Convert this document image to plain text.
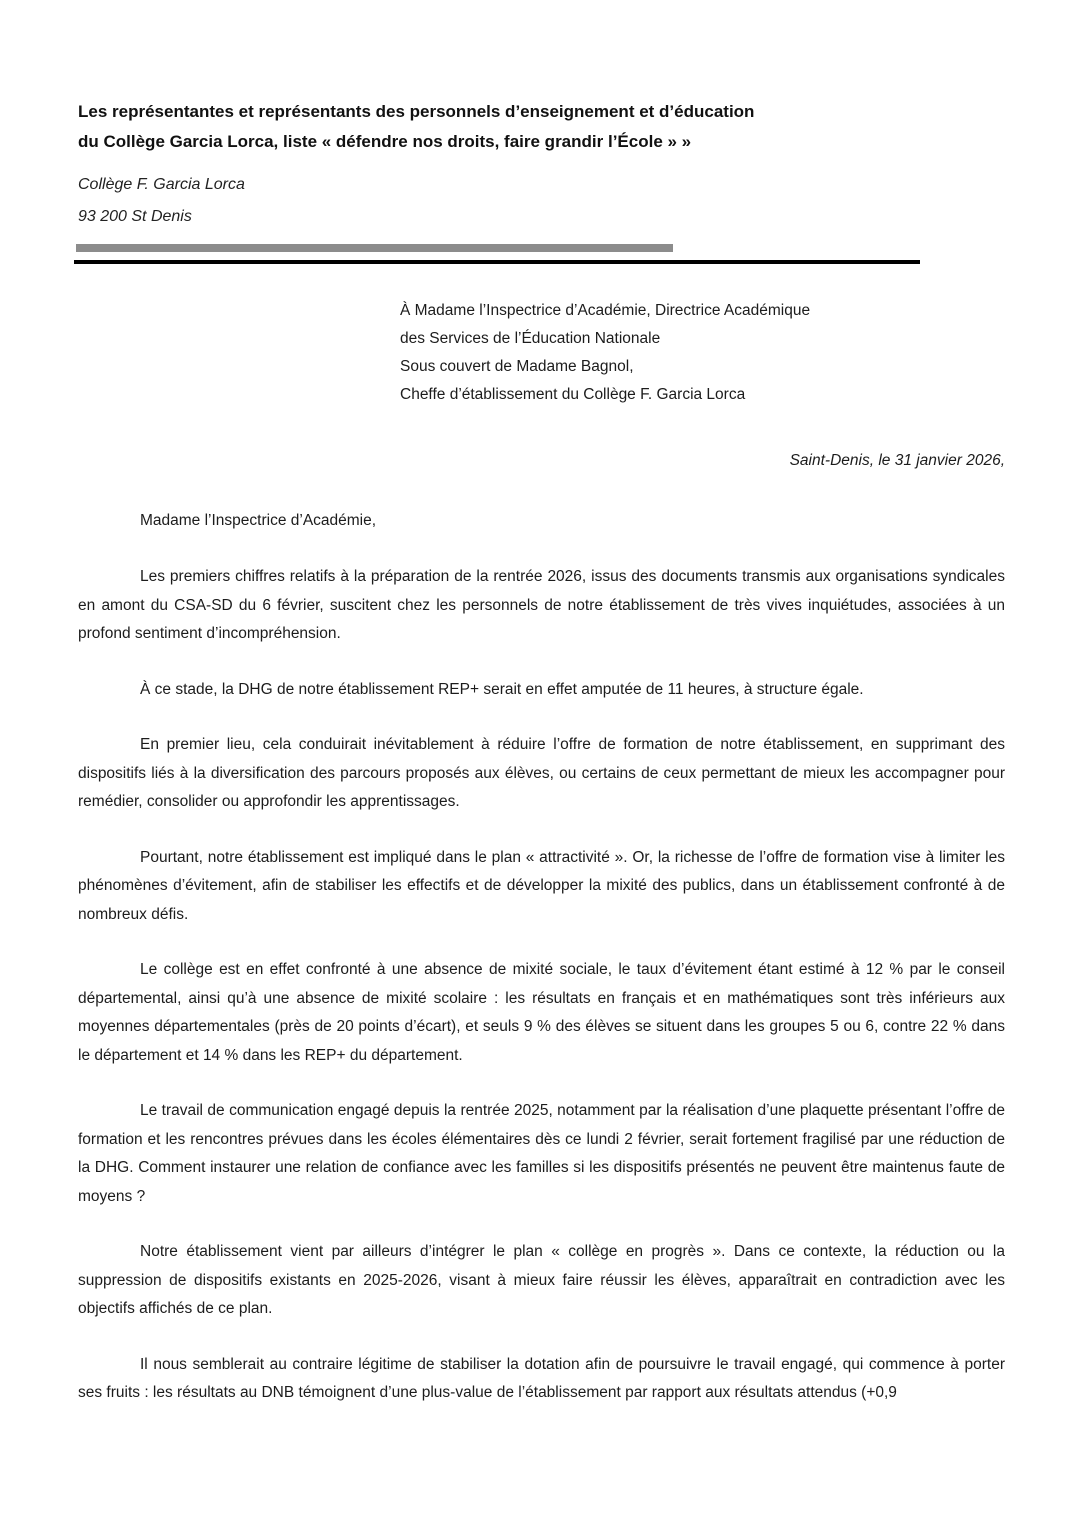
Les représentantes et représentants des personnels d’enseignement et d’éducation
du Collège Garcia Lorca, liste « défendre nos droits, faire grandir l’École » »

Collège F. Garcia Lorca
93 200 St Denis

À Madame l’Inspectrice d’Académie, Directrice Académique
des Services de l’Éducation Nationale
Sous couvert de Madame Bagnol,
Cheffe d’établissement du Collège F. Garcia Lorca

Saint-Denis, le 31 janvier 2026,

Madame l’Inspectrice d’Académie,

Les premiers chiffres relatifs à la préparation de la rentrée 2026, issus des documents transmis aux organisations syndicales en amont du CSA-SD du 6 février, suscitent chez les personnels de notre établissement de très vives inquiétudes, associées à un profond sentiment d’incompréhension.

À ce stade, la DHG de notre établissement REP+ serait en effet amputée de 11 heures, à structure égale.

En premier lieu, cela conduirait inévitablement à réduire l’offre de formation de notre établissement, en supprimant des dispositifs liés à la diversification des parcours proposés aux élèves, ou certains de ceux permettant de mieux les accompagner pour remédier, consolider ou approfondir les apprentissages.

Pourtant, notre établissement est impliqué dans le plan « attractivité ». Or, la richesse de l’offre de formation vise à limiter les phénomènes d’évitement, afin de stabiliser les effectifs et de développer la mixité des publics, dans un établissement confronté à de nombreux défis.

Le collège est en effet confronté à une absence de mixité sociale, le taux d’évitement étant estimé à 12 % par le conseil départemental, ainsi qu’à une absence de mixité scolaire : les résultats en français et en mathématiques sont très inférieurs aux moyennes départementales (près de 20 points d’écart), et seuls 9 % des élèves se situent dans les groupes 5 ou 6, contre 22 % dans le département et 14 % dans les REP+ du département.

Le travail de communication engagé depuis la rentrée 2025, notamment par la réalisation d’une plaquette présentant l’offre de formation et les rencontres prévues dans les écoles élémentaires dès ce lundi 2 février, serait fortement fragilisé par une réduction de la DHG. Comment instaurer une relation de confiance avec les familles si les dispositifs présentés ne peuvent être maintenus faute de moyens ?

Notre établissement vient par ailleurs d’intégrer le plan « collège en progrès ». Dans ce contexte, la réduction ou la suppression de dispositifs existants en 2025-2026, visant à mieux faire réussir les élèves, apparaîtrait en contradiction avec les objectifs affichés de ce plan.

Il nous semblerait au contraire légitime de stabiliser la dotation afin de poursuivre le travail engagé, qui commence à porter ses fruits : les résultats au DNB témoignent d’une plus-value de l’établissement par rapport aux résultats attendus (+0,9
